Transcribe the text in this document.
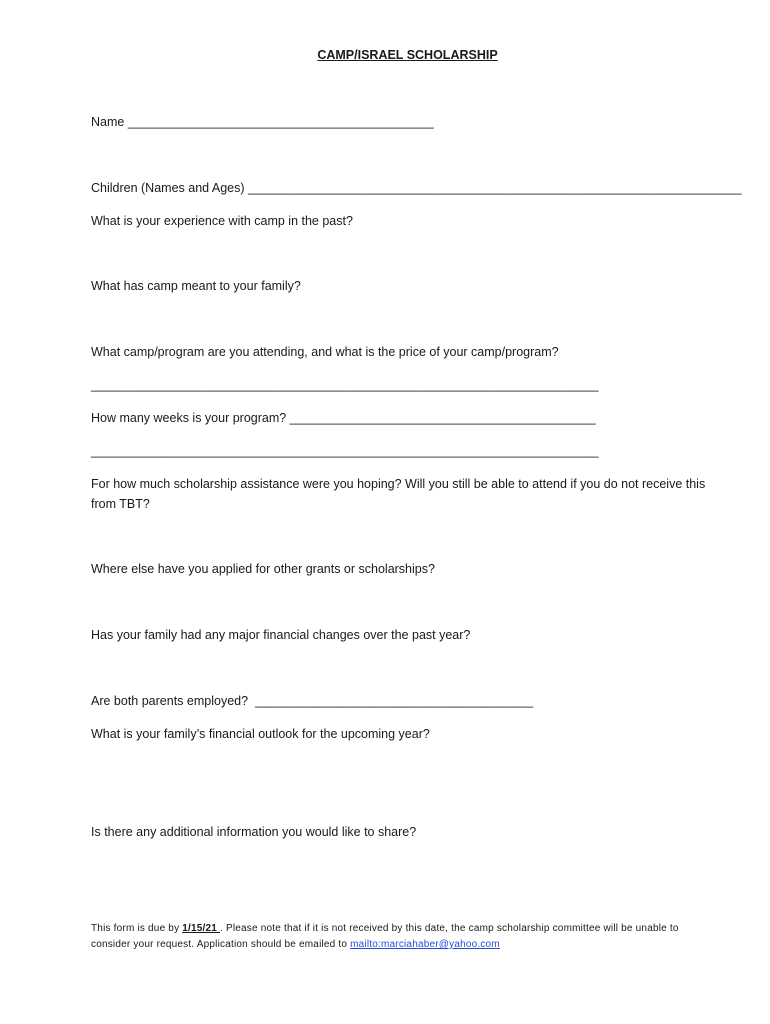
CAMP/ISRAEL SCHOLARSHIP
Name ____________________________________________
Children (Names and Ages) _______________________________________________________________________
What is your experience with camp in the past?
What has camp meant to your family?
What camp/program are you attending, and what is the price of your camp/program?
_________________________________________________________________________
How many weeks is your program? ____________________________________________
_________________________________________________________________________
For how much scholarship assistance were you hoping? Will you still be able to attend if you do not receive this from TBT?
Where else have you applied for other grants or scholarships?
Has your family had any major financial changes over the past year?
Are both parents employed?  ________________________________________
What is your family’s financial outlook for the upcoming year?
Is there any additional information you would like to share?
This form is due by 1/15/21 . Please note that if it is not received by this date, the camp scholarship committee will be unable to consider your request. Application should be emailed to mailto:marciahaber@yahoo.com
